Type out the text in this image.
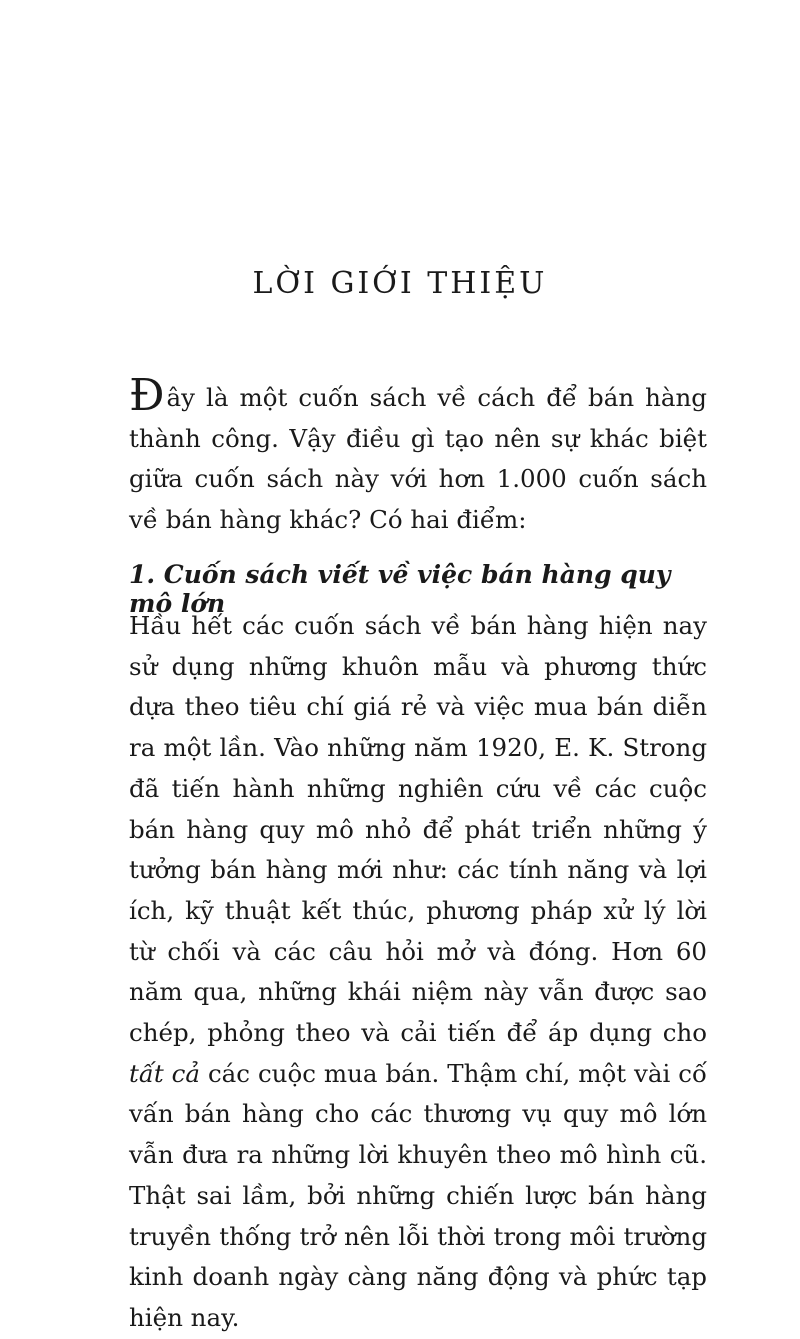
LỜI GIỚI THIỆU

Đây là một cuốn sách về cách để bán hàng thành công. Vậy điều gì tạo nên sự khác biệt giữa cuốn sách này với hơn 1.000 cuốn sách về bán hàng khác? Có hai điểm:

1. Cuốn sách viết về việc bán hàng quy mô lớn

Hầu hết các cuốn sách về bán hàng hiện nay sử dụng những khuôn mẫu và phương thức dựa theo tiêu chí giá rẻ và việc mua bán diễn ra một lần. Vào những năm 1920, E. K. Strong đã tiến hành những nghiên cứu về các cuộc bán hàng quy mô nhỏ để phát triển những ý tưởng bán hàng mới như: các tính năng và lợi ích, kỹ thuật kết thúc, phương pháp xử lý lời từ chối và các câu hỏi mở và đóng. Hơn 60 năm qua, những khái niệm này vẫn được sao chép, phỏng theo và cải tiến để áp dụng cho tất cả các cuộc mua bán. Thậm chí, một vài cố vấn bán hàng cho các thương vụ quy mô lớn vẫn đưa ra những lời khuyên theo mô hình cũ. Thật sai lầm, bởi những chiến lược bán hàng truyền thống trở nên lỗi thời trong môi trường kinh doanh ngày càng năng động và phức tạp hiện nay.
